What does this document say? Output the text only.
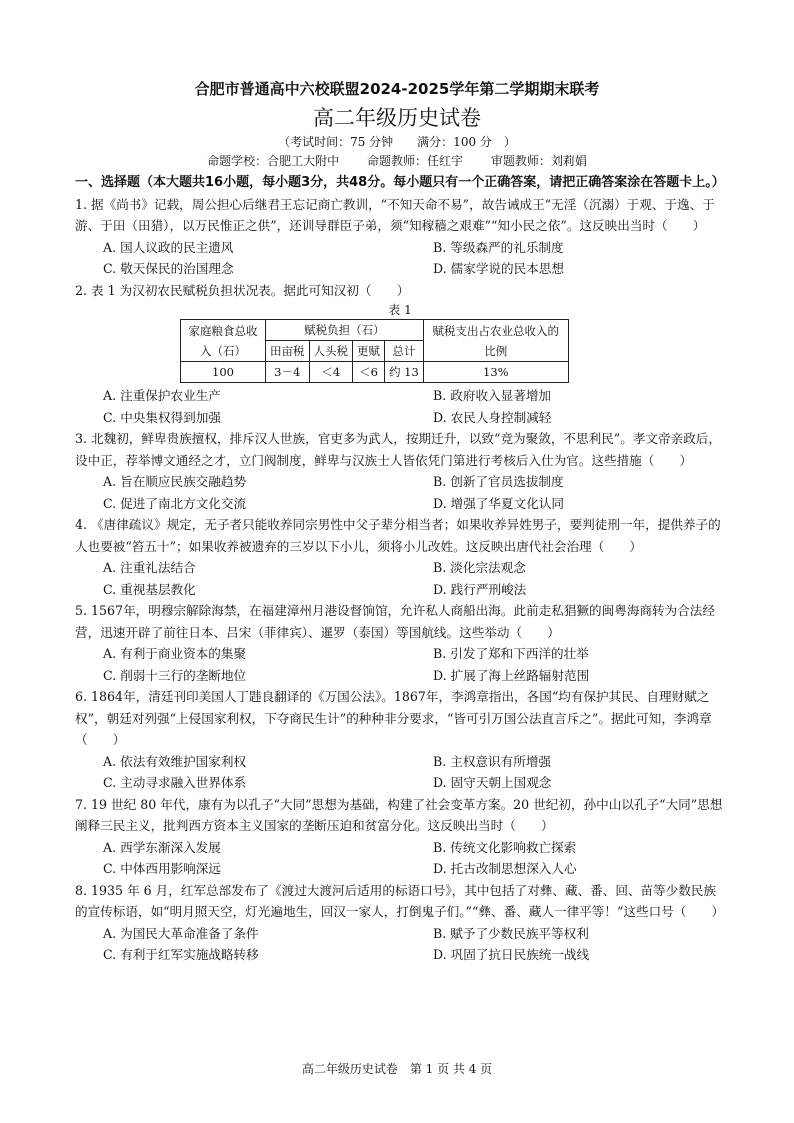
合肥市普通高中六校联盟2024-2025学年第二学期期末联考
高二年级历史试卷
（考试时间：75 分钟　　满分：100 分　）
命题学校：合肥工大附中 命题教师：任红宇 审题教师：刘莉娟
一、选择题（本大题共16小题，每小题3分，共48分。每小题只有一个正确答案，请把正确答案涂在答题卡上。）
1. 据《尚书》记载，周公担心后继君王忘记商亡教训，“不知天命不易”，故告诫成王“无淫（沉溺）于观、于逸、于游、于田（田猎），以万民惟正之供”，还训导群臣子弟，须“知稼穑之艰难”“知小民之依”。这反映出当时（　　）
A. 国人议政的民主遗风	B. 等级森严的礼乐制度
C. 敬天保民的治国理念	D. 儒家学说的民本思想
2. 表 1 为汉初农民赋税负担状况表。据此可知汉初（　　）
表 1
家庭粮食总收入（石）	赋税负担（石）				赋税支出占农业总收入的比例
	田亩税	人头税	更赋	总计	
100	3－4	＜4	＜6	约 13	13%
A. 注重保护农业生产	B. 政府收入显著增加
C. 中央集权得到加强	D. 农民人身控制减轻
3. 北魏初，鲜卑贵族擅权，排斥汉人世族，官吏多为武人，按期迁升，以致“竞为聚敛，不思利民”。孝文帝亲政后，设中正，荐举博文通经之才，立门阀制度，鲜卑与汉族士人皆依凭门第进行考核后入仕为官。这些措施（　　）
A. 旨在顺应民族交融趋势	B. 创新了官员选拔制度
C. 促进了南北方文化交流	D. 增强了华夏文化认同
4. 《唐律疏议》规定，无子者只能收养同宗男性中父子辈分相当者；如果收养异姓男子，要判徒刑一年，提供养子的人也要被“笞五十”；如果收养被遗弃的三岁以下小儿，须将小儿改姓。这反映出唐代社会治理（　　）
A. 注重礼法结合	B. 淡化宗法观念
C. 重视基层教化	D. 践行严刑峻法
5. 1567年，明穆宗解除海禁，在福建漳州月港设督饷馆，允许私人商船出海。此前走私猖獗的闽粤海商转为合法经营，迅速开辟了前往日本、吕宋（菲律宾）、暹罗（泰国）等国航线。这些举动（　　）
A. 有利于商业资本的集聚	B. 引发了郑和下西洋的壮举
C. 削弱十三行的垄断地位	D. 扩展了海上丝路辐射范围
6. 1864年，清廷刊印美国人丁韪良翻译的《万国公法》。1867年，李鸿章指出，各国“均有保护其民、自理财赋之权”，朝廷对列强“上侵国家利权，下夺商民生计”的种种非分要求，“皆可引万国公法直言斥之”。据此可知，李鸿章（　　）
A. 依法有效维护国家利权	B. 主权意识有所增强
C. 主动寻求融入世界体系	D. 固守天朝上国观念
7. 19 世纪 80 年代，康有为以孔子“大同”思想为基础，构建了社会变革方案。20 世纪初，孙中山以孔子“大同”思想阐释三民主义，批判西方资本主义国家的垄断压迫和贫富分化。这反映出当时（　　）
A. 西学东渐深入发展	B. 传统文化影响救亡探索
C. 中体西用影响深远	D. 托古改制思想深入人心
8. 1935 年 6 月，红军总部发布了《渡过大渡河后适用的标语口号》，其中包括了对彝、藏、番、回、苗等少数民族的宣传标语，如“明月照天空，灯光遍地生，回汉一家人，打倒鬼子们。”“彝、番、藏人一律平等！”这些口号（　　）
A. 为国民大革命准备了条件	B. 赋予了少数民族平等权利
C. 有利于红军实施战略转移	D. 巩固了抗日民族统一战线
高二年级历史试卷　第 1 页 共 4 页
